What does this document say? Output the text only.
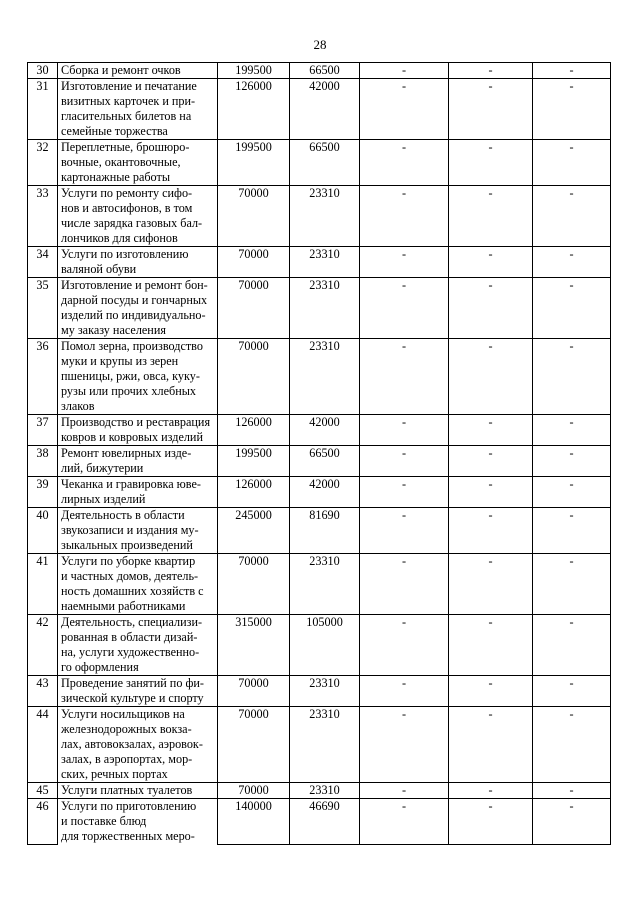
28
30	Сборка и ремонт очков	199500	66500	-	-	-
31	Изготовление и печатание
визитных карточек и при-
гласительных билетов на
семейные торжества	126000	42000	-	-	-
32	Переплетные, брошюро-
вочные, окантовочные,
картонажные работы	199500	66500	-	-	-
33	Услуги по ремонту сифо-
нов и автосифонов, в том
числе зарядка газовых бал-
лончиков для сифонов	70000	23310	-	-	-
34	Услуги по изготовлению
валяной обуви	70000	23310	-	-	-
35	Изготовление и ремонт бон-
дарной посуды и гончарных
изделий по индивидуально-
му заказу населения	70000	23310	-	-	-
36	Помол зерна, производство
муки и крупы из зерен
пшеницы, ржи, овса, куку-
рузы или прочих хлебных
злаков	70000	23310	-	-	-
37	Производство и реставрация
ковров и ковровых изделий	126000	42000	-	-	-
38	Ремонт ювелирных изде-
лий, бижутерии	199500	66500	-	-	-
39	Чеканка и гравировка юве-
лирных изделий	126000	42000	-	-	-
40	Деятельность в области
звукозаписи и издания му-
зыкальных произведений	245000	81690	-	-	-
41	Услуги по уборке квартир
и частных домов, деятель-
ность домашних хозяйств с
наемными работниками	70000	23310	-	-	-
42	Деятельность, специализи-
рованная в области дизай-
на, услуги художественно-
го оформления	315000	105000	-	-	-
43	Проведение занятий по фи-
зической культуре и спорту	70000	23310	-	-	-
44	Услуги носильщиков на
железнодорожных вокза-
лах, автовокзалах, аэровок-
залах, в аэропортах, мор-
ских, речных портах	70000	23310	-	-	-
45	Услуги платных туалетов	70000	23310	-	-	-
46	Услуги по приготовлению
и поставке блюд
для торжественных меро-	140000	46690	-	-	-
